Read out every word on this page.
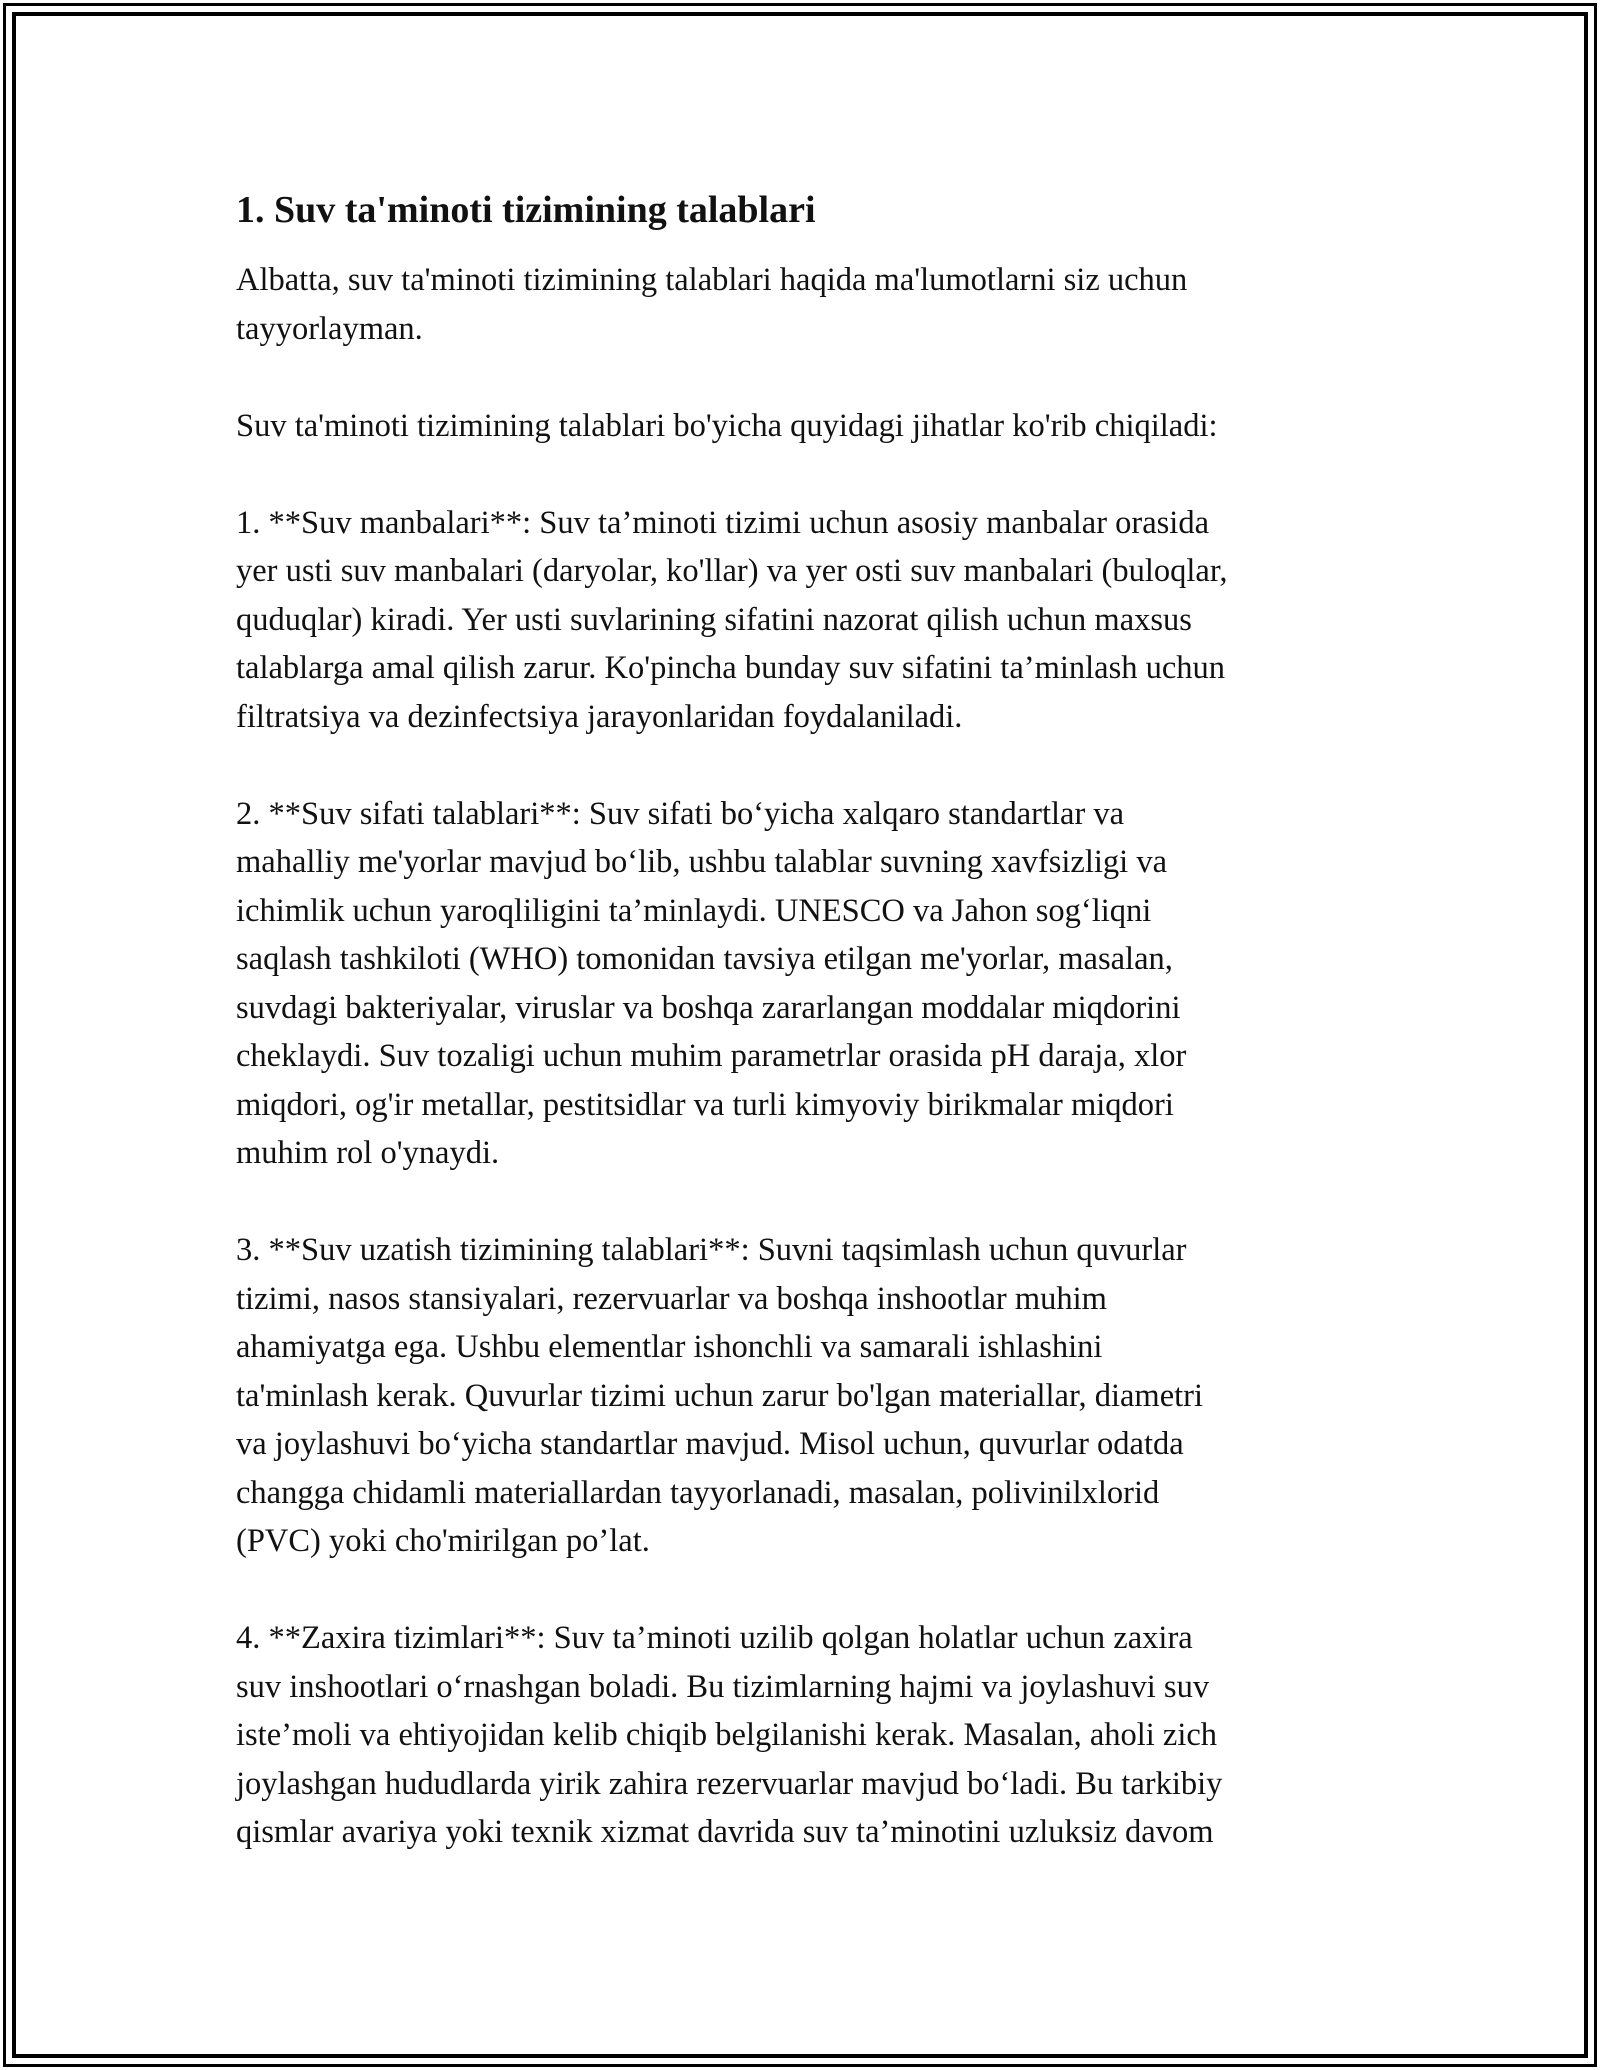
1. Suv ta'minoti tizimining talablari

Albatta, suv ta'minoti tizimining talablari haqida ma'lumotlarni siz uchun
tayyorlayman.

Suv ta'minoti tizimining talablari bo'yicha quyidagi jihatlar ko'rib chiqiladi:

1. **Suv manbalari**: Suv ta’minoti tizimi uchun asosiy manbalar orasida
yer usti suv manbalari (daryolar, ko'llar) va yer osti suv manbalari (buloqlar,
quduqlar) kiradi. Yer usti suvlarining sifatini nazorat qilish uchun maxsus
talablarga amal qilish zarur. Ko'pincha bunday suv sifatini ta’minlash uchun
filtratsiya va dezinfectsiya jarayonlaridan foydalaniladi.

2. **Suv sifati talablari**: Suv sifati bo‘yicha xalqaro standartlar va
mahalliy me'yorlar mavjud bo‘lib, ushbu talablar suvning xavfsizligi va
ichimlik uchun yaroqliligini ta’minlaydi. UNESCO va Jahon sog‘liqni
saqlash tashkiloti (WHO) tomonidan tavsiya etilgan me'yorlar, masalan,
suvdagi bakteriyalar, viruslar va boshqa zararlangan moddalar miqdorini
cheklaydi. Suv tozaligi uchun muhim parametrlar orasida pH daraja, xlor
miqdori, og'ir metallar, pestitsidlar va turli kimyoviy birikmalar miqdori
muhim rol o'ynaydi.

3. **Suv uzatish tizimining talablari**: Suvni taqsimlash uchun quvurlar
tizimi, nasos stansiyalari, rezervuarlar va boshqa inshootlar muhim
ahamiyatga ega. Ushbu elementlar ishonchli va samarali ishlashini
ta'minlash kerak. Quvurlar tizimi uchun zarur bo'lgan materiallar, diametri
va joylashuvi bo‘yicha standartlar mavjud. Misol uchun, quvurlar odatda
changga chidamli materiallardan tayyorlanadi, masalan, polivinilxlorid
(PVC) yoki cho'mirilgan po’lat.

4. **Zaxira tizimlari**: Suv ta’minoti uzilib qolgan holatlar uchun zaxira
suv inshootlari o‘rnashgan boladi. Bu tizimlarning hajmi va joylashuvi suv
iste’moli va ehtiyojidan kelib chiqib belgilanishi kerak. Masalan, aholi zich
joylashgan hududlarda yirik zahira rezervuarlar mavjud bo‘ladi. Bu tarkibiy
qismlar avariya yoki texnik xizmat davrida suv ta’minotini uzluksiz davom
